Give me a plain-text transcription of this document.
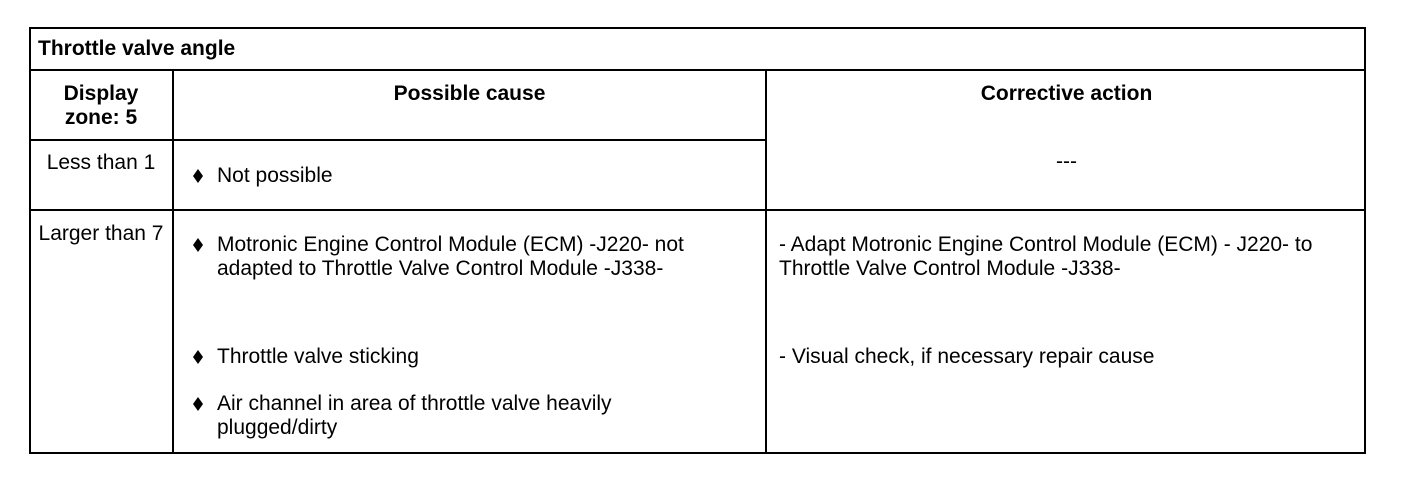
Throttle valve angle
Display zone: 5
Possible cause	Corrective action
Less than 1
Not possible
---
Larger than 7	Motronic Engine Control Module (ECM) -J220- not adapted to Throttle Valve Control Module -J338-
Throttle valve sticking
Air channel in area of throttle valve heavily plugged/dirty
- Adapt Motronic Engine Control Module (ECM) - J220- to Throttle Valve Control Module -J338-
- Visual check, if necessary repair cause
